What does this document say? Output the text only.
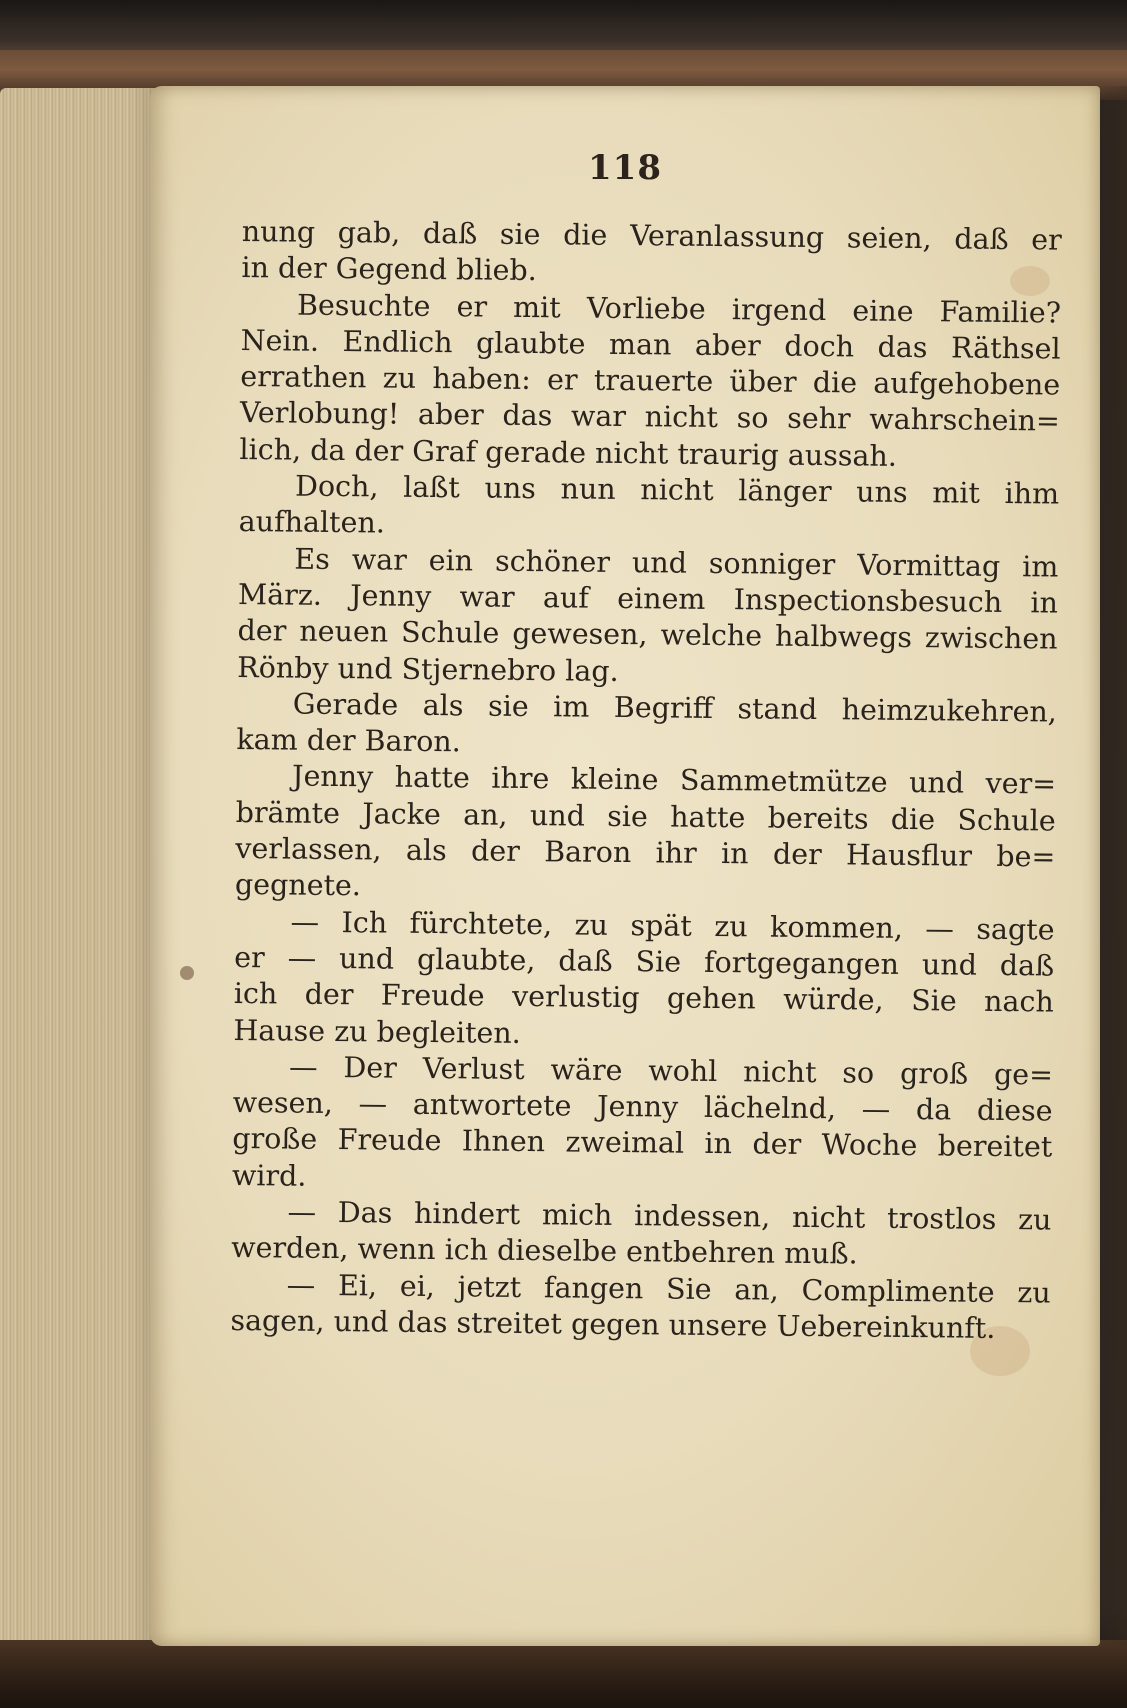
118
nung gab, daß sie die Veranlassung seien, daß er
in der Gegend blieb.
Besuchte er mit Vorliebe irgend eine Familie?
Nein. Endlich glaubte man aber doch das Räthsel
errathen zu haben: er trauerte über die aufgehobene
Verlobung! aber das war nicht so sehr wahrschein=
lich, da der Graf gerade nicht traurig aussah.
Doch, laßt uns nun nicht länger uns mit ihm
aufhalten.
Es war ein schöner und sonniger Vormittag im
März. Jenny war auf einem Inspectionsbesuch in
der neuen Schule gewesen, welche halbwegs zwischen
Rönby und Stjernebro lag.
Gerade als sie im Begriff stand heimzukehren,
kam der Baron.
Jenny hatte ihre kleine Sammetmütze und ver=
brämte Jacke an, und sie hatte bereits die Schule
verlassen, als der Baron ihr in der Hausflur be=
gegnete.
— Ich fürchtete, zu spät zu kommen, — sagte
er — und glaubte, daß Sie fortgegangen und daß
ich der Freude verlustig gehen würde, Sie nach
Hause zu begleiten.
— Der Verlust wäre wohl nicht so groß ge=
wesen, — antwortete Jenny lächelnd, — da diese
große Freude Ihnen zweimal in der Woche bereitet
wird.
— Das hindert mich indessen, nicht trostlos zu
werden, wenn ich dieselbe entbehren muß.
— Ei, ei, jetzt fangen Sie an, Complimente zu
sagen, und das streitet gegen unsere Uebereinkunft.
